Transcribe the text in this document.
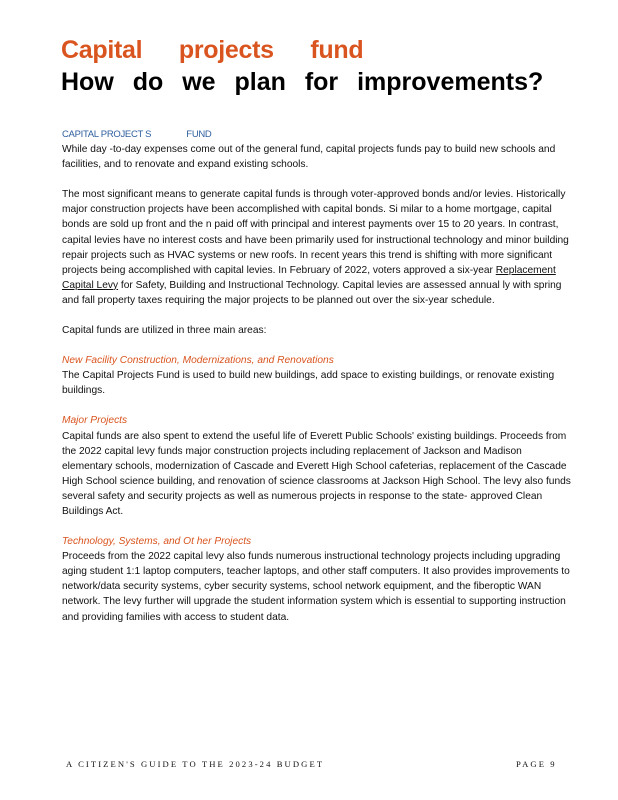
Capital projects fund
How do we plan for improvements?
CAPITAL PROJECT S               FUND

While day -to-day expenses come out of the general fund, capital projects funds pay to build new schools and facilities, and to renovate and expand existing schools.

The most significant means to generate capital funds is through voter-approved bonds and/or levies. Historically major construction projects have been accomplished with capital bonds. Si milar to a home mortgage, capital bonds are sold up front and the n paid off with principal and interest payments over 15 to 20 years. In contrast, capital levies have no interest costs and have been primarily used for instructional technology and minor building repair projects such as HVAC systems or new roofs. In recent years this trend is shifting with more significant projects being accomplished with capital levies. In February of 2022, voters approved a six-year Replacement Capital Levy for Safety, Building and Instructional Technology. Capital levies are assessed annual ly with spring and fall property taxes requiring the major projects to be planned out over the six-year schedule.

Capital funds are utilized in three main areas:

New Facility Construction, Modernizations, and Renovations

The Capital Projects Fund is used to build new buildings, add space to existing buildings, or renovate existing buildings.

Major Projects

Capital funds are also spent to extend the useful life of Everett Public Schools' existing buildings. Proceeds from the 2022 capital levy funds major construction projects including replacement of Jackson and Madison elementary schools, modernization of Cascade and Everett High School cafeterias, replacement of the Cascade High School science building, and renovation of science classrooms at Jackson High School. The levy also funds several safety and security projects as well as numerous projects in response to the state- approved Clean Buildings Act.

Technology, Systems, and Ot her Projects

Proceeds from the 2022 capital levy also funds numerous instructional technology projects including upgrading aging student 1:1 laptop computers, teacher laptops, and other staff computers. It also provides improvements to network/data security systems, cyber security systems, school network equipment, and the fiberoptic WAN network. The levy further will upgrade the student information system which is essential to supporting instruction and providing families with access to student data.

A CITIZEN'S GUIDE TO THE 2023-24 BUDGET	PAGE 9
